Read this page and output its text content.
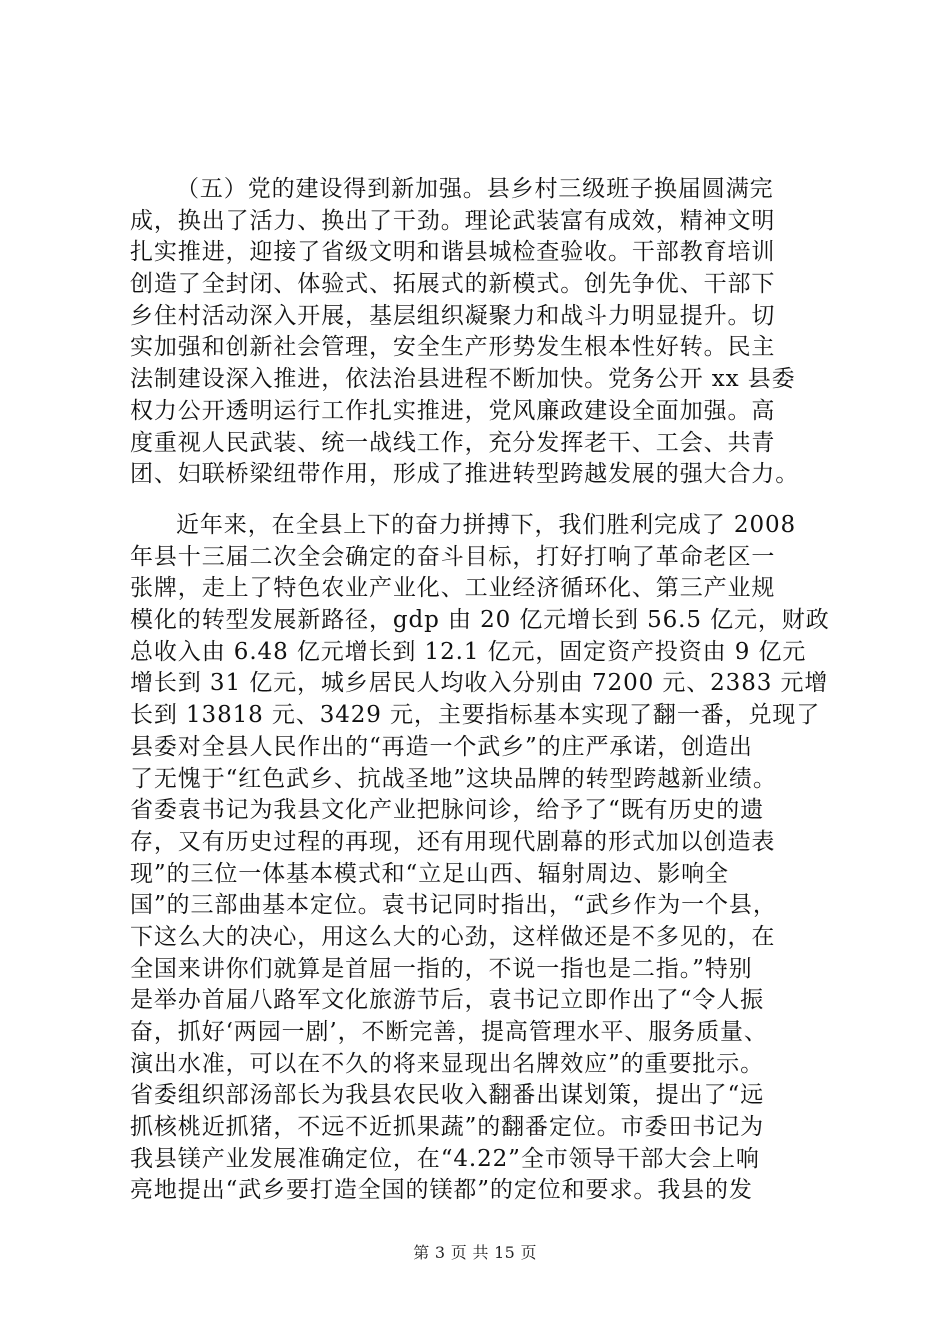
（五）党的建设得到新加强。县乡村三级班子换届圆满完
成，换出了活力、换出了干劲。理论武装富有成效，精神文明
扎实推进，迎接了省级文明和谐县城检查验收。干部教育培训
创造了全封闭、体验式、拓展式的新模式。创先争优、干部下
乡住村活动深入开展，基层组织凝聚力和战斗力明显提升。切
实加强和创新社会管理，安全生产形势发生根本性好转。民主
法制建设深入推进，依法治县进程不断加快。党务公开 xx 县委
权力公开透明运行工作扎实推进，党风廉政建设全面加强。高
度重视人民武装、统一战线工作，充分发挥老干、工会、共青
团、妇联桥梁纽带作用，形成了推进转型跨越发展的强大合力。
近年来，在全县上下的奋力拼搏下，我们胜利完成了 2008
年县十三届二次全会确定的奋斗目标，打好打响了革命老区一
张牌，走上了特色农业产业化、工业经济循环化、第三产业规
模化的转型发展新路径，gdp 由 20 亿元增长到 56.5 亿元，财政
总收入由 6.48 亿元增长到 12.1 亿元，固定资产投资由 9 亿元
增长到 31 亿元，城乡居民人均收入分别由 7200 元、2383 元增
长到 13818 元、3429 元，主要指标基本实现了翻一番，兑现了
县委对全县人民作出的“再造一个武乡”的庄严承诺，创造出
了无愧于“红色武乡、抗战圣地”这块品牌的转型跨越新业绩。
省委袁书记为我县文化产业把脉问诊，给予了“既有历史的遗
存，又有历史过程的再现，还有用现代剧幕的形式加以创造表
现”的三位一体基本模式和“立足山西、辐射周边、影响全
国”的三部曲基本定位。袁书记同时指出，“武乡作为一个县，
下这么大的决心，用这么大的心劲，这样做还是不多见的，在
全国来讲你们就算是首屈一指的，不说一指也是二指。”特别
是举办首届八路军文化旅游节后，袁书记立即作出了“令人振
奋，抓好‘两园一剧’，不断完善，提高管理水平、服务质量、
演出水准，可以在不久的将来显现出名牌效应”的重要批示。
省委组织部汤部长为我县农民收入翻番出谋划策，提出了“远
抓核桃近抓猪，不远不近抓果蔬”的翻番定位。市委田书记为
我县镁产业发展准确定位，在“4.22”全市领导干部大会上响
亮地提出“武乡要打造全国的镁都”的定位和要求。我县的发
第 3 页 共 15 页
